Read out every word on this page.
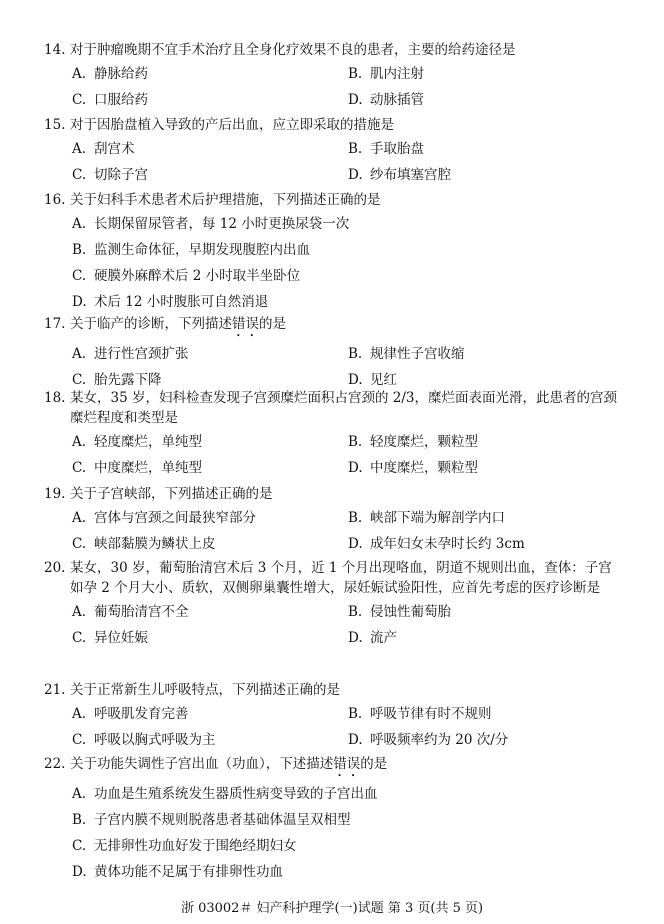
14. 对于肿瘤晚期不宜手术治疗且全身化疗效果不良的患者，主要的给药途径是
A. 静脉给药	B. 肌内注射
C. 口服给药	D. 动脉插管
15. 对于因胎盘植入导致的产后出血，应立即采取的措施是
A. 刮宫术	B. 手取胎盘
C. 切除子宫	D. 纱布填塞宫腔
16. 关于妇科手术患者术后护理措施，下列描述正确的是
A. 长期保留尿管者，每 12 小时更换尿袋一次
B. 监测生命体征，早期发现腹腔内出血
C. 硬膜外麻醉术后 2 小时取半坐卧位
D. 术后 12 小时腹胀可自然消退
17. 关于临产的诊断，下列描述错误的是
A. 进行性宫颈扩张	B. 规律性子宫收缩
C. 胎先露下降	D. 见红
18. 某女，35 岁，妇科检查发现子宫颈糜烂面积占宫颈的 2/3，糜烂面表面光滑，此患者的宫颈糜烂程度和类型是
A. 轻度糜烂，单纯型	B. 轻度糜烂，颗粒型
C. 中度糜烂，单纯型	D. 中度糜烂，颗粒型
19. 关于子宫峡部，下列描述正确的是
A. 宫体与宫颈之间最狭窄部分	B. 峡部下端为解剖学内口
C. 峡部黏膜为鳞状上皮	D. 成年妇女未孕时长约 3cm
20. 某女，30 岁，葡萄胎清宫术后 3 个月，近 1 个月出现咯血，阴道不规则出血，查体：子宫如孕 2 个月大小、质软，双侧卵巢囊性增大，尿妊娠试验阳性，应首先考虑的医疗诊断是
A. 葡萄胎清宫不全	B. 侵蚀性葡萄胎
C. 异位妊娠	D. 流产
21. 关于正常新生儿呼吸特点，下列描述正确的是
A. 呼吸肌发育完善	B. 呼吸节律有时不规则
C. 呼吸以胸式呼吸为主	D. 呼吸频率约为 20 次/分
22. 关于功能失调性子宫出血（功血），下述描述错误的是
A. 功血是生殖系统发生器质性病变导致的子宫出血
B. 子宫内膜不规则脱落患者基础体温呈双相型
C. 无排卵性功血好发于围绝经期妇女
D. 黄体功能不足属于有排卵性功血
浙 03002＃ 妇产科护理学(一)试题 第 3 页(共 5 页)
